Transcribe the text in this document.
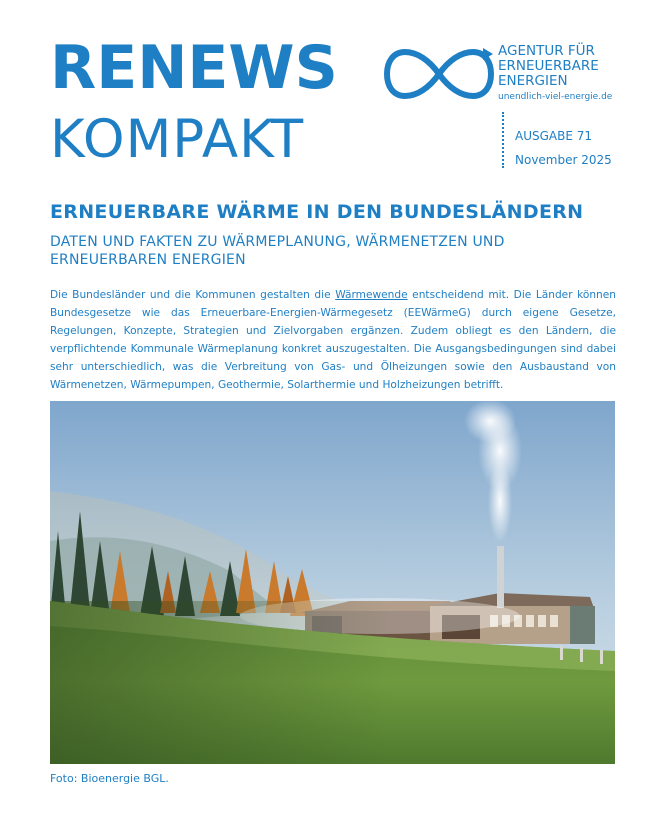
RENEWS
KOMPAKT
AGENTUR FÜR
ERNEUERBARE
ENERGIEN
unendlich-viel-energie.de
AUSGABE 71
November 2025
ERNEUERBARE WÄRME IN DEN BUNDESLÄNDERN
DATEN UND FAKTEN ZU WÄRMEPLANUNG, WÄRMENETZEN UND ERNEUERBAREN ENERGIEN
Die Bundesländer und die Kommunen gestalten die Wärmewende entscheidend mit. Die Länder können Bundesgesetze wie das Erneuerbare-Energien-Wärmegesetz (EEWärmeG) durch eigene Gesetze, Regelungen, Konzepte, Strategien und Zielvorgaben ergänzen. Zudem obliegt es den Ländern, die verpflichtende Kommunale Wärmeplanung konkret auszugestalten. Die Ausgangsbedingungen sind dabei sehr unterschiedlich, was die Verbreitung von Gas- und Ölheizungen sowie den Ausbaustand von Wärmenetzen, Wärmepumpen, Geothermie, Solarthermie und Holzheizungen betrifft.
Foto: Bioenergie BGL.
